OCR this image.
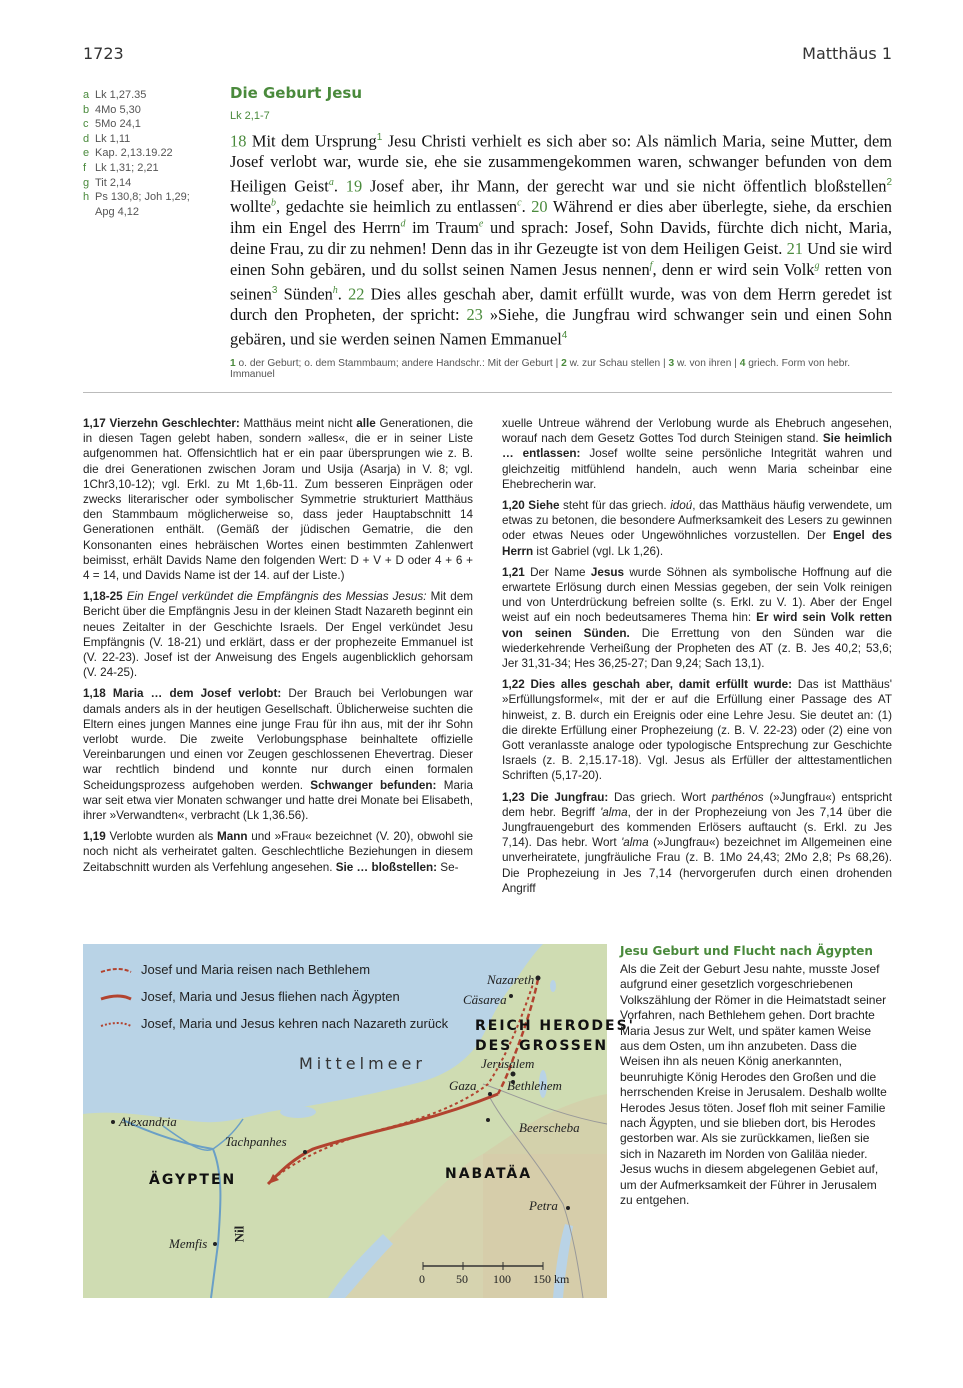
1723	Matthäus 1
a Lk 1,27.35
b 4Mo 5,30
c 5Mo 24,1
d Lk 1,11
e Kap. 2,13.19.22
f Lk 1,31; 2,21
g Tit 2,14
h Ps 130,8; Joh 1,29; Apg 4,12
Die Geburt Jesu
Lk 2,1-7
18 Mit dem Ursprung$^1$ Jesu Christi verhielt es sich aber so: Als nämlich Maria, seine Mutter, dem Josef verlobt war, wurde sie, ehe sie zusammengekommen waren, schwanger befunden von dem Heiligen Geist$^a$. 19 Josef aber, ihr Mann, der gerecht war und sie nicht öffentlich bloßstellen$^2$ wollte$^b$, gedachte sie heimlich zu entlassen$^c$. 20 Während er dies aber überlegte, siehe, da erschien ihm ein Engel des Herrn$^d$ im Traum$^e$ und sprach: Josef, Sohn Davids, fürchte dich nicht, Maria, deine Frau, zu dir zu nehmen! Denn das in ihr Gezeugte ist von dem Heiligen Geist. 21 Und sie wird einen Sohn gebären, und du sollst seinen Namen Jesus nennen$^f$, denn er wird sein Volk$^g$ retten von seinen$^3$ Sünden$^h$. 22 Dies alles geschah aber, damit erfüllt wurde, was von dem Herrn geredet ist durch den Propheten, der spricht: 23 »Siehe, die Jungfrau wird schwanger sein und einen Sohn gebären, und sie werden seinen Namen Emmanuel$^4$
1 o. der Geburt; o. dem Stammbaum; andere Handschr.: Mit der Geburt | 2 w. zur Schau stellen | 3 w. von ihren | 4 griech. Form von hebr. Immanuel

1,17 Vierzehn Geschlechter: Matthäus meint nicht alle Generationen, die in diesen Tagen gelebt haben, sondern »alles«, die er in seiner Liste aufgenommen hat. Offensichtlich hat er ein paar übersprungen wie z. B. die drei Generationen zwischen Joram und Usija (Asarja) in V. 8; vgl. 1Chr3,10-12); vgl. Erkl. zu Mt 1,6b-11. Zum besseren Einprägen oder zwecks literarischer oder symbolischer Symmetrie strukturiert Matthäus den Stammbaum möglicherweise so, dass jeder Hauptabschnitt 14 Generationen enthält. (Gemäß der jüdischen Gematrie, die den Konsonanten eines hebräischen Wortes einen bestimmten Zahlenwert beimisst, erhält Davids Name den folgenden Wert: D + V + D oder 4 + 6 + 4 = 14, und Davids Name ist der 14. auf der Liste.)

1,18-25 Ein Engel verkündet die Empfängnis des Messias Jesus: Mit dem Bericht über die Empfängnis Jesu in der kleinen Stadt Nazareth beginnt ein neues Zeitalter in der Geschichte Israels. Der Engel verkündet Jesu Empfängnis (V. 18-21) und erklärt, dass er der prophezeite Emmanuel ist (V. 22-23). Josef ist der Anweisung des Engels augenblicklich gehorsam (V. 24-25).

1,18 Maria … dem Josef verlobt: Der Brauch bei Verlobungen war damals anders als in der heutigen Gesellschaft. Üblicherweise suchten die Eltern eines jungen Mannes eine junge Frau für ihn aus, mit der ihr Sohn verlobt wurde. Die zweite Verlobungsphase beinhaltete offizielle Vereinbarungen und einen vor Zeugen geschlossenen Ehevertrag. Dieser war rechtlich bindend und konnte nur durch einen formalen Scheidungsprozess aufgehoben werden. Schwanger befunden: Maria war seit etwa vier Monaten schwanger und hatte drei Monate bei Elisabeth, ihrer »Verwandten«, verbracht (Lk 1,36.56).

1,19 Verlobte wurden als Mann und »Frau« bezeichnet (V. 20), obwohl sie noch nicht als verheiratet galten. Geschlechtliche Beziehungen in diesem Zeitabschnitt wurden als Verfehlung angesehen. Sie … bloßstellen: Se-

xuelle Untreue während der Verlobung wurde als Ehebruch angesehen, worauf nach dem Gesetz Gottes Tod durch Steinigen stand. Sie heimlich … entlassen: Josef wollte seine persönliche Integrität wahren und gleichzeitig mitfühlend handeln, auch wenn Maria scheinbar eine Ehebrecherin war.

1,20 Siehe steht für das griech. idoú, das Matthäus häufig verwendete, um etwas zu betonen, die besondere Aufmerksamkeit des Lesers zu gewinnen oder etwas Neues oder Ungewöhnliches vorzustellen. Der Engel des Herrn ist Gabriel (vgl. Lk 1,26).

1,21 Der Name Jesus wurde Söhnen als symbolische Hoffnung auf die erwartete Erlösung durch einen Messias gegeben, der sein Volk reinigen und von Unterdrückung befreien sollte (s. Erkl. zu V. 1). Aber der Engel weist auf ein noch bedeutsameres Thema hin: Er wird sein Volk retten von seinen Sünden. Die Errettung von den Sünden war die wiederkehrende Verheißung der Propheten des AT (z. B. Jes 40,2; 53,6; Jer 31,31-34; Hes 36,25-27; Dan 9,24; Sach 13,1).

1,22 Dies alles geschah aber, damit erfüllt wurde: Das ist Matthäus' »Erfüllungsformel«, mit der er auf die Erfüllung einer Passage des AT hinweist, z. B. durch ein Ereignis oder eine Lehre Jesu. Sie deutet an: (1) die direkte Erfüllung einer Prophezeiung (z. B. V. 22-23) oder (2) eine von Gott veranlasste analoge oder typologische Entsprechung zur Geschichte Israels (z. B. 2,15.17-18). Vgl. Jesus als Erfüller der alttestamentlichen Schriften (5,17-20).

1,23 Die Jungfrau: Das griech. Wort parthénos (»Jungfrau«) entspricht dem hebr. Begriff 'alma, der in der Prophezeiung von Jes 7,14 über die Jungfrauengeburt des kommenden Erlösers auftaucht (s. Erkl. zu Jes 7,14). Das hebr. Wort 'alma (»Jungfrau«) bezeichnet im Allgemeinen eine unverheiratete, jungfräuliche Frau (z. B. 1Mo 24,43; 2Mo 2,8; Ps 68,26). Die Prophezeiung in Jes 7,14 (hervorgerufen durch einen drohenden Angriff

Josef und Maria reisen nach Bethlehem
Josef, Maria und Jesus fliehen nach Ägypten
Josef, Maria und Jesus kehren nach Nazareth zurück
Mittelmeer
REICH HERODES'
DES GROSSEN
ÄGYPTEN	NABATÄA
Nazareth
Cäsarea
Jerusalem
Gaza Bethlehem
Alexandria
Tachpanhes
Beerscheba
Petra
Memfis
Nil
0	50 100 150 km
Jesu Geburt und Flucht nach Ägypten

Als die Zeit der Geburt Jesu nahte, musste Josef aufgrund einer gesetzlich vorgeschriebenen Volkszählung der Römer in die Heimatstadt seiner Vorfahren, nach Bethlehem gehen. Dort brachte Maria Jesus zur Welt, und später kamen Weise aus dem Osten, um ihn anzubeten. Dass die Weisen ihn als neuen König anerkannten, beunruhigte König Herodes den Großen und die herrschenden Kreise in Jerusalem. Deshalb wollte Herodes Jesus töten. Josef floh mit seiner Familie nach Ägypten, und sie blieben dort, bis Herodes gestorben war. Als sie zurückkamen, ließen sie sich in Nazareth im Norden von Galiläa nieder. Jesus wuchs in diesem abgelegenen Gebiet auf, um der Aufmerksamkeit der Führer in Jerusalem zu entgehen.
